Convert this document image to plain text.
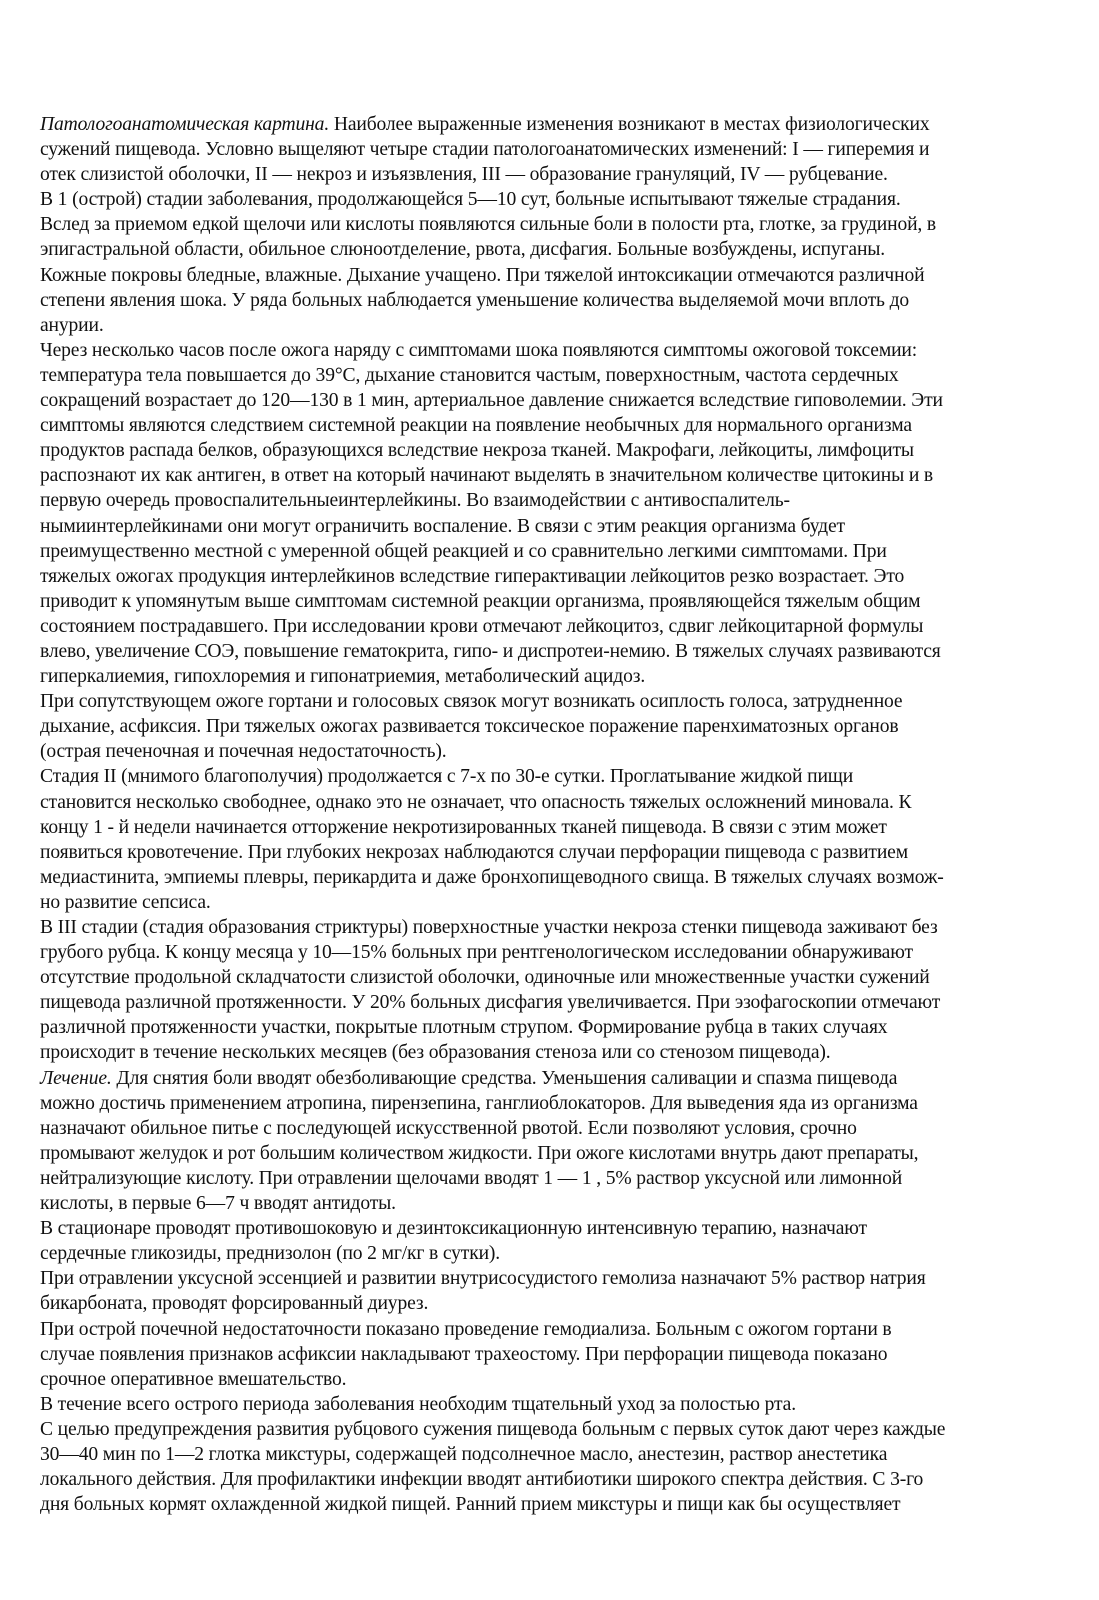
Патологоанатомическая картина. Наиболее выраженные изменения возникают в местах физиологических
сужений пищевода. Условно выщеляют четыре стадии патологоанатомических изменений: I — гиперемия и
отек слизистой оболочки, II — некроз и изъязвления, III — образование грануляций, IV — рубцевание.
В 1 (острой) стадии заболевания, продолжающейся 5—10 сут, больные испытывают тяжелые страдания.
Вслед за приемом едкой щелочи или кислоты появляются сильные боли в полости рта, глотке, за грудиной, в
эпигастральной области, обильное слюноотделение, рвота, дисфагия. Больные возбуждены, испуганы.
Кожные покровы бледные, влажные. Дыхание учащено. При тяжелой интоксикации отмечаются различной
степени явления шока. У ряда больных наблюдается уменьшение количества выделяемой мочи вплоть до
анурии.
Через несколько часов после ожога наряду с симптомами шока появляются симптомы ожоговой токсемии:
температура тела повышается до 39°С, дыхание становится частым, поверхностным, частота сердечных
сокращений возрастает до 120—130 в 1 мин, артериальное давление снижается вследствие гиповолемии. Эти
симптомы являются следствием системной реакции на появление необычных для нормального организма
продуктов распада белков, образующихся вследствие некроза тканей. Макрофаги, лейкоциты, лимфоциты
распознают их как антиген, в ответ на который начинают выделять в значительном количестве цитокины и в
первую очередь провоспалительныеинтерлейкины. Во взаимодействии с антивоспалитель-
нымиинтерлейкинами они могут ограничить воспаление. В связи с этим реакция организма будет
преимущественно местной с умеренной общей реакцией и со сравнительно легкими симптомами. При
тяжелых ожогах продукция интерлейкинов вследствие гиперактивации лейкоцитов резко возрастает. Это
приводит к упомянутым выше симптомам системной реакции организма, проявляющейся тяжелым общим
состоянием пострадавшего. При исследовании крови отмечают лейкоцитоз, сдвиг лейкоцитарной формулы
влево, увеличение СОЭ, повышение гематокрита, гипо- и диспротеи-немию. В тяжелых случаях развиваются
гиперкалиемия, гипохлоремия и гипонатриемия, метаболический ацидоз.
При сопутствующем ожоге гортани и голосовых связок могут возникать осиплость голоса, затрудненное
дыхание, асфиксия. При тяжелых ожогах развивается токсическое поражение паренхиматозных органов
(острая печеночная и почечная недостаточность).
Стадия II (мнимого благополучия) продолжается с 7-х по 30-е сутки. Проглатывание жидкой пищи
становится несколько свободнее, однако это не означает, что опасность тяжелых осложнений миновала. К
концу 1 - й недели начинается отторжение некротизированных тканей пищевода. В связи с этим может
появиться кровотечение. При глубоких некрозах наблюдаются случаи перфорации пищевода с развитием
медиастинита, эмпиемы плевры, перикардита и даже бронхопищеводного свища. В тяжелых случаях возмож-
но развитие сепсиса.
В III стадии (стадия образования стриктуры) поверхностные участки некроза стенки пищевода заживают без
грубого рубца. К концу месяца у 10—15% больных при рентгенологическом исследовании обнаруживают
отсутствие продольной складчатости слизистой оболочки, одиночные или множественные участки сужений
пищевода различной протяженности. У 20% больных дисфагия увеличивается. При эзофагоскопии отмечают
различной протяженности участки, покрытые плотным струпом. Формирование рубца в таких случаях
происходит в течение нескольких месяцев (без образования стеноза или со стенозом пищевода).
Лечение. Для снятия боли вводят обезболивающие средства. Уменьшения саливации и спазма пищевода
можно достичь применением атропина, пирензепина, ганглиоблокаторов. Для выведения яда из организма
назначают обильное питье с последующей искусственной рвотой. Если позволяют условия, срочно
промывают желудок и рот большим количеством жидкости. При ожоге кислотами внутрь дают препараты,
нейтрализующие кислоту. При отравлении щелочами вводят 1 — 1 , 5% раствор уксусной или лимонной
кислоты, в первые 6—7 ч вводят антидоты.
В стационаре проводят противошоковую и дезинтоксикационную интенсивную терапию, назначают
сердечные гликозиды, преднизолон (по 2 мг/кг в сутки).
При отравлении уксусной эссенцией и развитии внутрисосудистого гемолиза назначают 5% раствор натрия
бикарбоната, проводят форсированный диурез.
При острой почечной недостаточности показано проведение гемодиализа. Больным с ожогом гортани в
случае появления признаков асфиксии накладывают трахеостому. При перфорации пищевода показано
срочное оперативное вмешательство.
В течение всего острого периода заболевания необходим тщательный уход за полостью рта.
С целью предупреждения развития рубцового сужения пищевода больным с первых суток дают через каждые
30—40 мин по 1—2 глотка микстуры, содержащей подсолнечное масло, анестезин, раствор анестетика
локального действия. Для профилактики инфекции вводят антибиотики широкого спектра действия. С 3-го
дня больных кормят охлажденной жидкой пищей. Ранний прием микстуры и пищи как бы осуществляет
